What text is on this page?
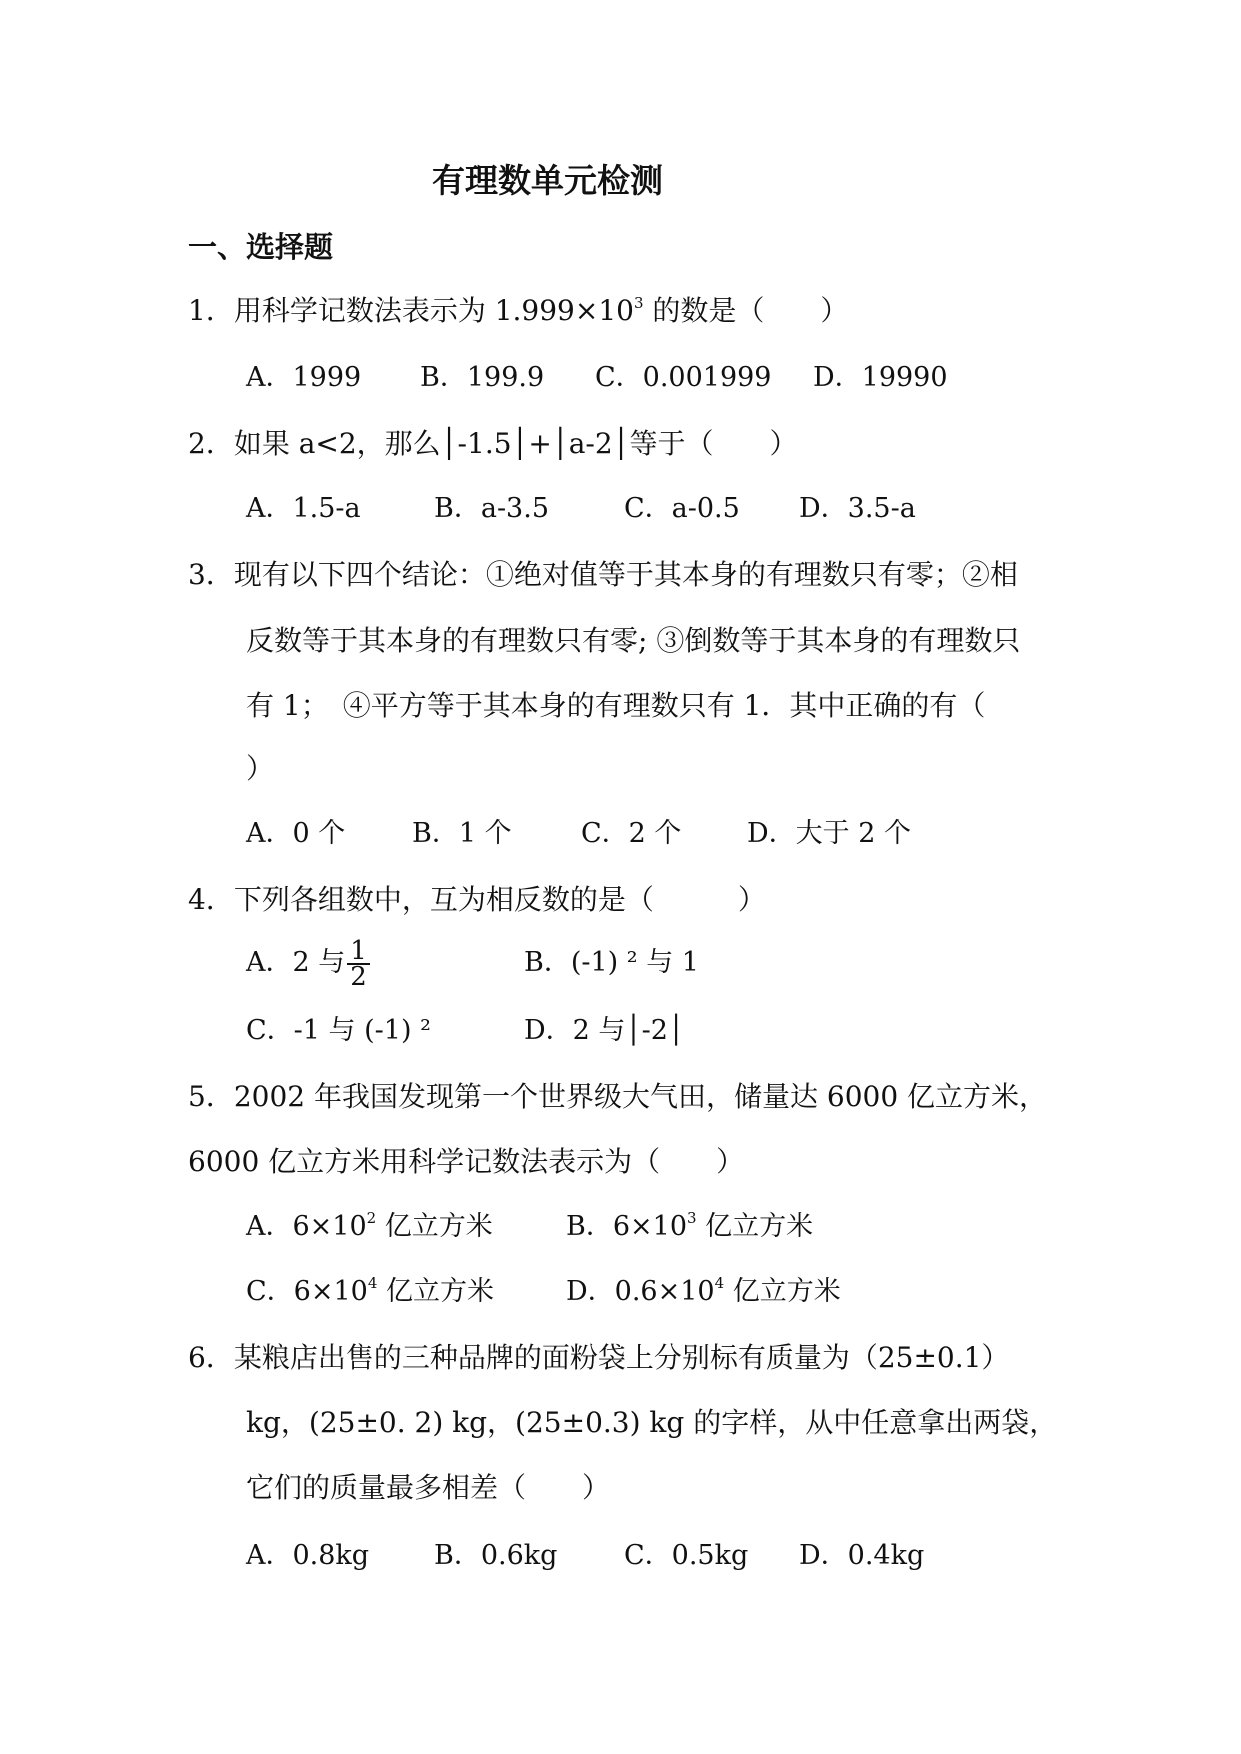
有理数单元检测
一、选择题
1．用科学记数法表示为 $1.999\times 10^3$ 的数是（　　）
A．1999 B．199.9 C．0.001999 D．19990
2．如果 a<2，那么│-1.5│+│a-2│等于（　　）
A．1.5-a	B．a-3.5	C．a-0.5 D．3.5-a
3．现有以下四个结论：①绝对值等于其本身的有理数只有零；②相
反数等于其本身的有理数只有零; ③倒数等于其本身的有理数只
有 1；　④平方等于其本身的有理数只有 1．其中正确的有（
）
A．0 个 B．1 个	C．2 个 D．大于 2 个
4．下列各组数中，互为相反数的是（　　　）
A．2 与 $\frac{1}{2}$	B．(-1) ² 与 1
C．-1 与 (-1) ²	D．2 与│-2│
5．2002 年我国发现第一个世界级大气田，储量达 6000 亿立方米，
6000 亿立方米用科学记数法表示为（　　）
A．$6\times 10^2$ 亿立方米	B．$6\times 10^3$ 亿立方米
C．$6\times 10^4$ 亿立方米	D．$0.6\times 10^4$ 亿立方米
6．某粮店出售的三种品牌的面粉袋上分别标有质量为（25±0.1）
kg，(25±0. 2) kg，(25±0.3) kg 的字样，从中任意拿出两袋，
它们的质量最多相差（　　）
A．0.8kg B．0.6kg C．0.5kg D．0.4kg
